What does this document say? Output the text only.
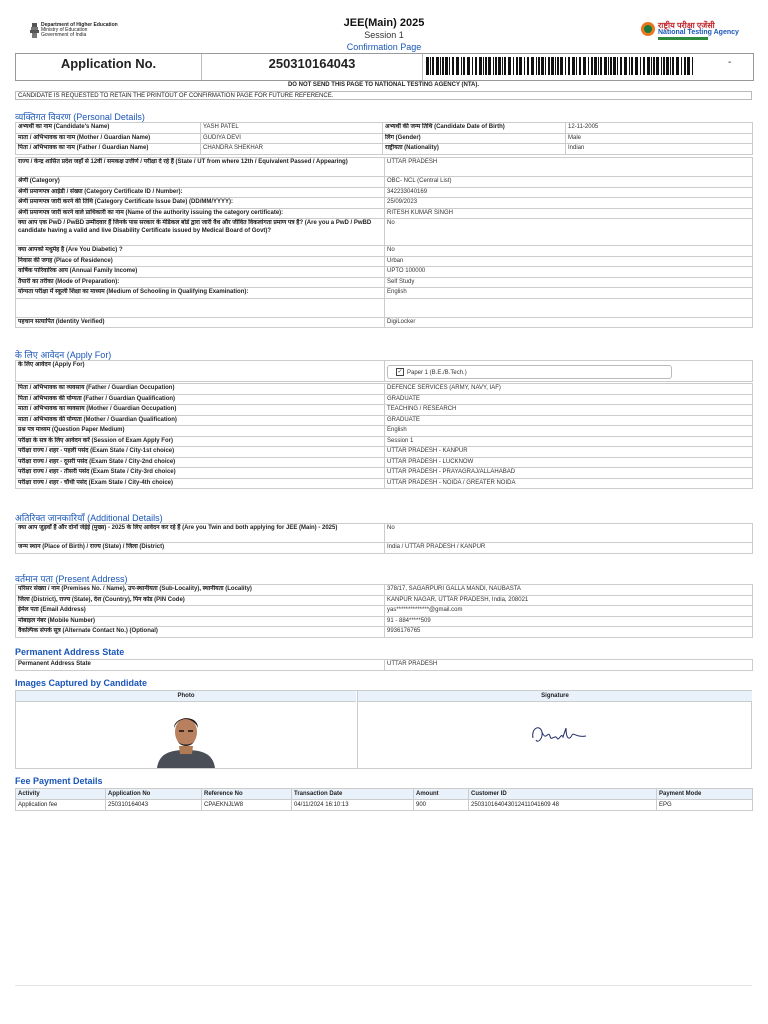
Department of Higher Education
Ministry of Education
Government of India
JEE(Main) 2025
Session 1
Confirmation Page
राष्ट्रीय परीक्षा एजेंसी
National Testing Agency
Application No.	250310164043	-
DO NOT SEND THIS PAGE TO NATIONAL TESTING AGENCY (NTA).
CANDIDATE IS REQUESTED TO RETAIN THE PRINTOUT OF CONFIRMATION PAGE FOR FUTURE REFERENCE.
व्यक्तिगत विवरण (Personal Details)
अभ्यर्थी का नाम (Candidate's Name)	YASH PATEL	अभ्यर्थी की जन्म तिथि (Candidate Date of Birth)	12-11-2005
माता / अभिभावक का नाम (Mother / Guardian Name)	GUDIYA DEVI	लिंग (Gender)	Male
पिता / अभिभावक का नाम (Father / Guardian Name)	CHANDRA SHEKHAR	राष्ट्रीयता (Nationality)	Indian
राज्य / केन्द्र शासित प्रदेश जहाँ से 12वीं / समकक्ष उत्तीर्ण / परीक्षा दे रहे हैं (State / UT from where 12th / Equivalent Passed / Appearing)	UTTAR PRADESH
श्रेणी (Category)	OBC- NCL (Central List)
श्रेणी प्रमाणपत्र आईडी / संख्या (Category Certificate ID / Number):	342233040169
श्रेणी प्रमाणपत्र जारी करने की तिथि (Category Certificate Issue Date) (DD/MM/YYYY):	25/09/2023
श्रेणी प्रमाणपत्र जारी करने वाले प्राधिकारी का नाम (Name of the authority issuing the category certificate):	RITESH KUMAR SINGH
क्या आप एक PwD / PwBD उम्मीदवार हैं जिनके पास सरकार के मेडिकल बोर्ड द्वारा जारी वैध और जीवित विकलांगता प्रमाण पत्र है? (Are you a PwD / PwBD candidate having a valid and live Disability Certificate issued by Medical Board of Govt)?	No
क्या आपको मधुमेह है (Are You Diabetic) ?	No
निवास की जगह (Place of Residence)	Urban
वार्षिक पारिवारिक आय (Annual Family Income)	UPTO 100000
तैयारी का तरीका (Mode of Preparation):	Self Study
योग्यता परीक्षा में स्कूली शिक्षा का माध्यम (Medium of Schooling in Qualifying Examination):	English

पहचान सत्यापित (Identity Verified)	DigiLocker
के लिए आवेदन (Apply For)
के लिए आवेदन (Apply For)	✓ Paper 1 (B.E./B.Tech.)
पिता / अभिभावक का व्यवसाय (Father / Guardian Occupation)	DEFENCE SERVICES (ARMY, NAVY, IAF)
पिता / अभिभावक की योग्यता (Father / Guardian Qualification)	GRADUATE
माता / अभिभावक का व्यवसाय (Mother / Guardian Occupation)	TEACHING / RESEARCH
माता / अभिभावक की योग्यता (Mother / Guardian Qualification)	GRADUATE
प्रश्न पत्र माध्यम (Question Paper Medium)	English
परीक्षा के सत्र के लिए आवेदन करें (Session of Exam Apply For)	Session 1
परीक्षा राज्य / शहर - पहली पसंद (Exam State / City-1st choice)	UTTAR PRADESH - KANPUR
परीक्षा राज्य / शहर - दूसरी पसंद (Exam State / City-2nd choice)	UTTAR PRADESH - LUCKNOW
परीक्षा राज्य / शहर - तीसरी पसंद (Exam State / City-3rd choice)	UTTAR PRADESH - PRAYAGRAJ/ALLAHABAD
परीक्षा राज्य / शहर - चौथी पसंद (Exam State / City-4th choice)	UTTAR PRADESH - NOIDA / GREATER NOIDA
अतिरिक्त जानकारियाँ (Additional Details)
क्या आप जुड़वाँ हैं और दोनों जेईई (मुख्य) - 2025 के लिए आवेदन कर रहे हैं (Are you Twin and both applying for JEE (Main) - 2025)	No
जन्म स्थान (Place of Birth) / राज्य (State) / जिला (District)	India / UTTAR PRADESH / KANPUR
वर्तमान पता (Present Address)
परिसर संख्या / नाम (Premises No. / Name), उप-स्थानीयता (Sub-Locality), स्थानीयता (Locality)	378/17, SAGARPURI GALLA MANDI, NAUBASTA
जिला (District), राज्य (State), देश (Country), पिन कोड (PIN Code)	KANPUR NAGAR, UTTAR PRADESH, India, 208021
ईमेल पता (Email Address)	yas**************@gmail.com
मोबाइल नंबर (Mobile Number)	91 - 884*****509
वैकल्पिक संपर्क सूत्र (Alternate Contact No.) (Optional)	9936176765
Permanent Address State
Permanent Address State	UTTAR PRADESH
Images Captured by Candidate
Photo	Signature
Fee Payment Details
Activity	Application No	Reference No	Transaction Date	Amount	Customer ID	Payment Mode
Application fee	250310164043	CPAEKNJLW8	04/11/2024 16:10:13	900	250310164043012411041609 48	EPG
